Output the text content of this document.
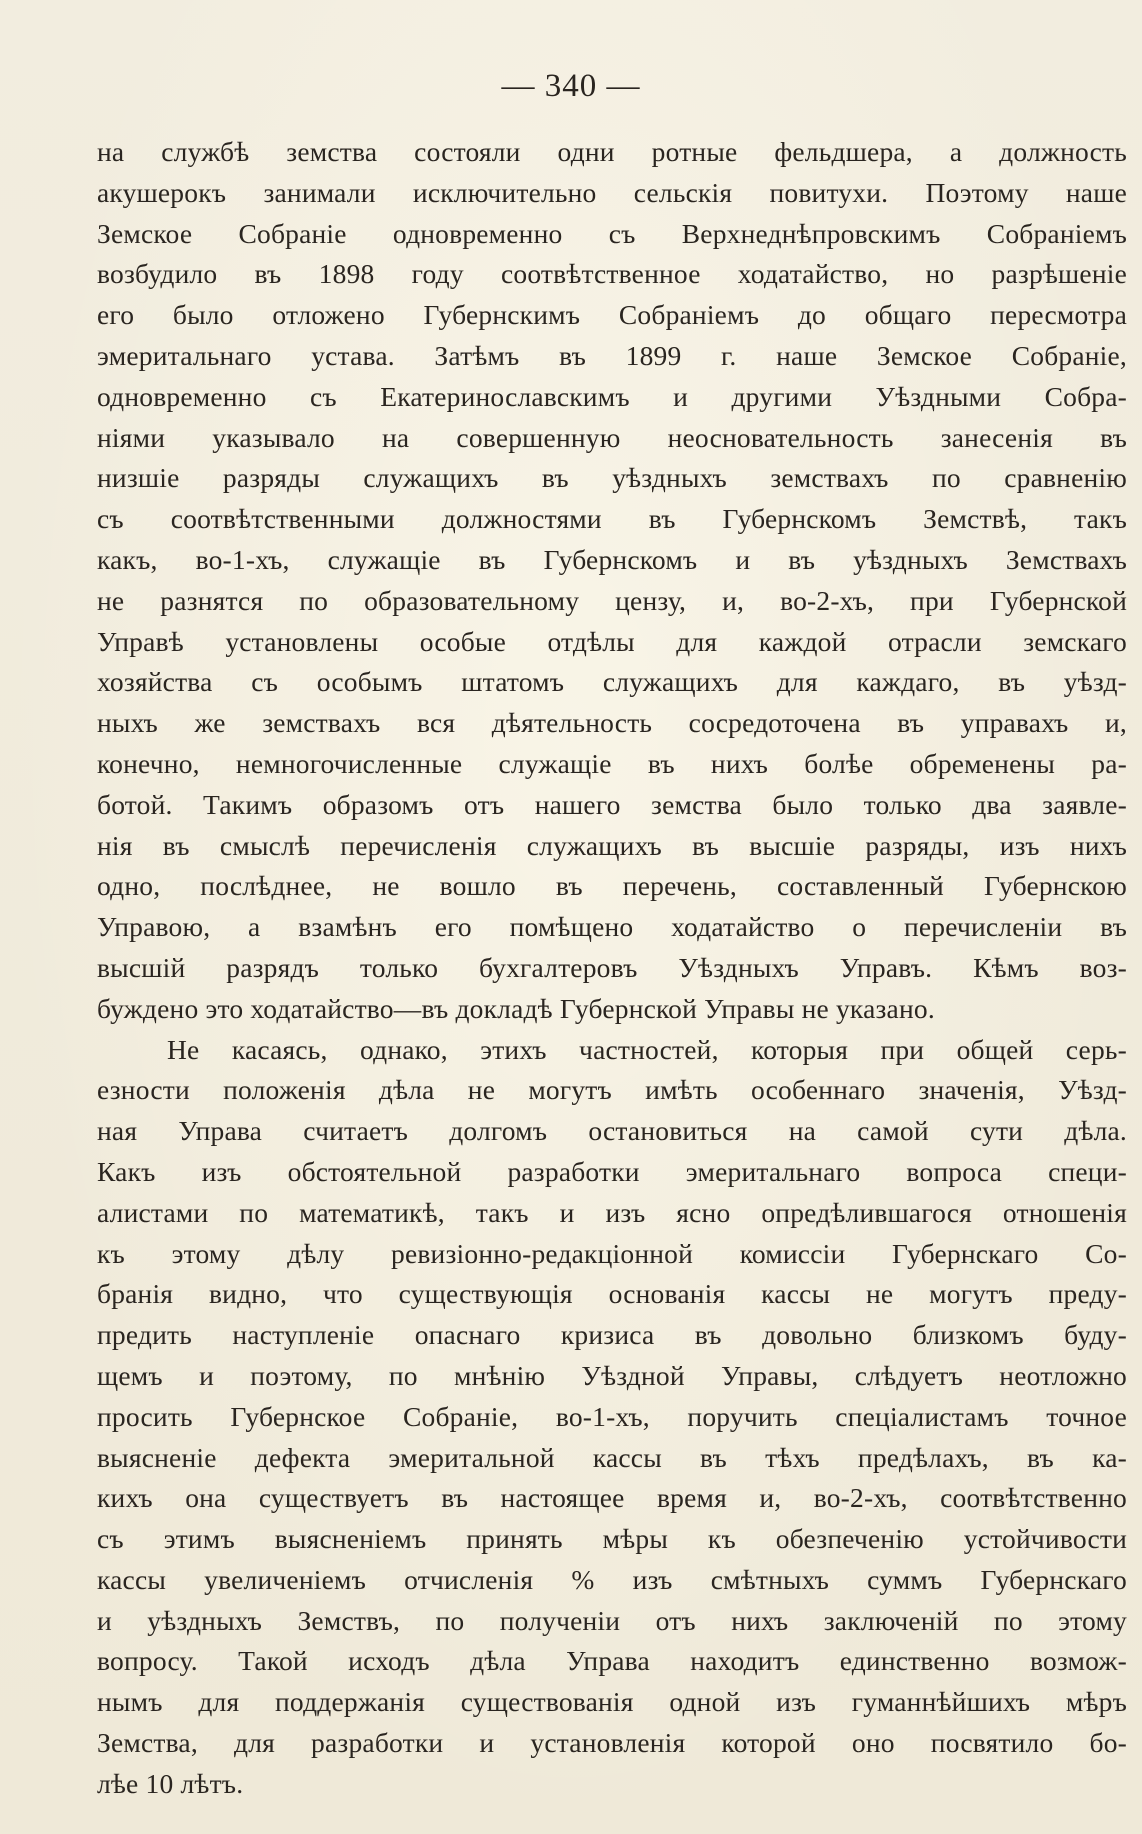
— 340 —
на службѣ земства состояли одни ротные фельдшера, а должность
акушерокъ занимали исключительно сельскія повитухи. Поэтому наше
Земское Собраніе одновременно съ Верхнеднѣпровскимъ Собраніемъ
возбудило въ 1898 году соотвѣтственное ходатайство, но разрѣшеніе
его было отложено Губернскимъ Собраніемъ до общаго пересмотра
эмеритальнаго устава. Затѣмъ въ 1899 г. наше Земское Собраніе,
одновременно съ Екатеринославскимъ и другими Уѣздными Собра-
ніями указывало на совершенную неосновательность занесенія въ
низшіе разряды служащихъ въ уѣздныхъ земствахъ по сравненію
съ соотвѣтственными должностями въ Губернскомъ Земствѣ, такъ
какъ, во-1-хъ, служащіе въ Губернскомъ и въ уѣздныхъ Земствахъ
не разнятся по образовательному цензу, и, во-2-хъ, при Губернской
Управѣ установлены особые отдѣлы для каждой отрасли земскаго
хозяйства съ особымъ штатомъ служащихъ для каждаго, въ уѣзд-
ныхъ же земствахъ вся дѣятельность сосредоточена въ управахъ и,
конечно, немногочисленные служащіе въ нихъ болѣе обременены ра-
ботой. Такимъ образомъ отъ нашего земства было только два заявле-
нія въ смыслѣ перечисленія служащихъ въ высшіе разряды, изъ нихъ
одно, послѣднее, не вошло въ перечень, составленный Губернскою
Управою, а взамѣнъ его помѣщено ходатайство о перечисленіи въ
высшій разрядъ только бухгалтеровъ Уѣздныхъ Управъ. Кѣмъ воз-
буждено это ходатайство—въ докладѣ Губернской Управы не указано.
Не касаясь, однако, этихъ частностей, которыя при общей серь-
езности положенія дѣла не могутъ имѣть особеннаго значенія, Уѣзд-
ная Управа считаетъ долгомъ остановиться на самой сути дѣла.
Какъ изъ обстоятельной разработки эмеритальнаго вопроса специ-
алистами по математикѣ, такъ и изъ ясно опредѣлившагося отношенія
къ этому дѣлу ревизіонно-редакціонной комиссіи Губернскаго Со-
бранія видно, что существующія основанія кассы не могутъ преду-
предить наступленіе опаснаго кризиса въ довольно близкомъ буду-
щемъ и поэтому, по мнѣнію Уѣздной Управы, слѣдуетъ неотложно
просить Губернское Собраніе, во-1-хъ, поручить спеціалистамъ точное
выясненіе дефекта эмеритальной кассы въ тѣхъ предѣлахъ, въ ка-
кихъ она существуетъ въ настоящее время и, во-2-хъ, соотвѣтственно
съ этимъ выясненіемъ принять мѣры къ обезпеченію устойчивости
кассы увеличеніемъ отчисленія % изъ смѣтныхъ суммъ Губернскаго
и уѣздныхъ Земствъ, по полученіи отъ нихъ заключеній по этому
вопросу. Такой исходъ дѣла Управа находитъ единственно возмож-
нымъ для поддержанія существованія одной изъ гуманнѣйшихъ мѣръ
Земства, для разработки и установленія которой оно посвятило бо-
лѣе 10 лѣтъ.
